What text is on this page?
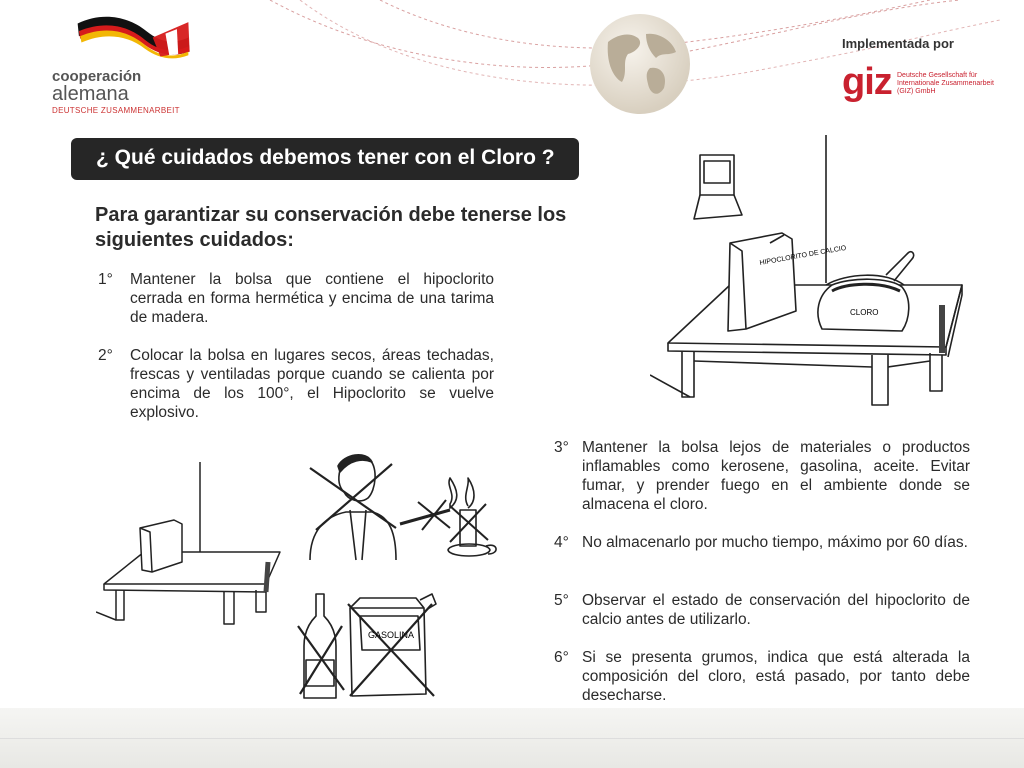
cooperación
alemana
DEUTSCHE ZUSAMMENARBEIT
Implementada por
giz Deutsche Gesellschaft für Internationale Zusammenarbeit (GIZ) GmbH
¿ Qué cuidados debemos tener con el Cloro ?
Para garantizar su conservación debe tenerse los siguientes cuidados:
1° Mantener la bolsa que contiene el hipoclorito cerrada en forma hermética y encima de una tarima de madera.
2° Colocar la bolsa en lugares secos, áreas techadas, frescas y ventiladas porque cuando se calienta por encima de los 100°, el Hipoclorito se vuelve explosivo.
3° Mantener la bolsa lejos de materiales o productos inflamables como kerosene, gasolina, aceite. Evitar fumar, y prender fuego en el ambiente donde se almacena el cloro.
4° No almacenarlo por mucho tiempo, máximo por 60 días.
5° Observar el estado de conservación del hipoclorito de calcio antes de utilizarlo.
6° Si se presenta grumos, indica que está alterada la composición del cloro, está pasado, por tanto debe desecharse.
HIPOCLORITO DE CALCIO
CLORO
GASOLINA
